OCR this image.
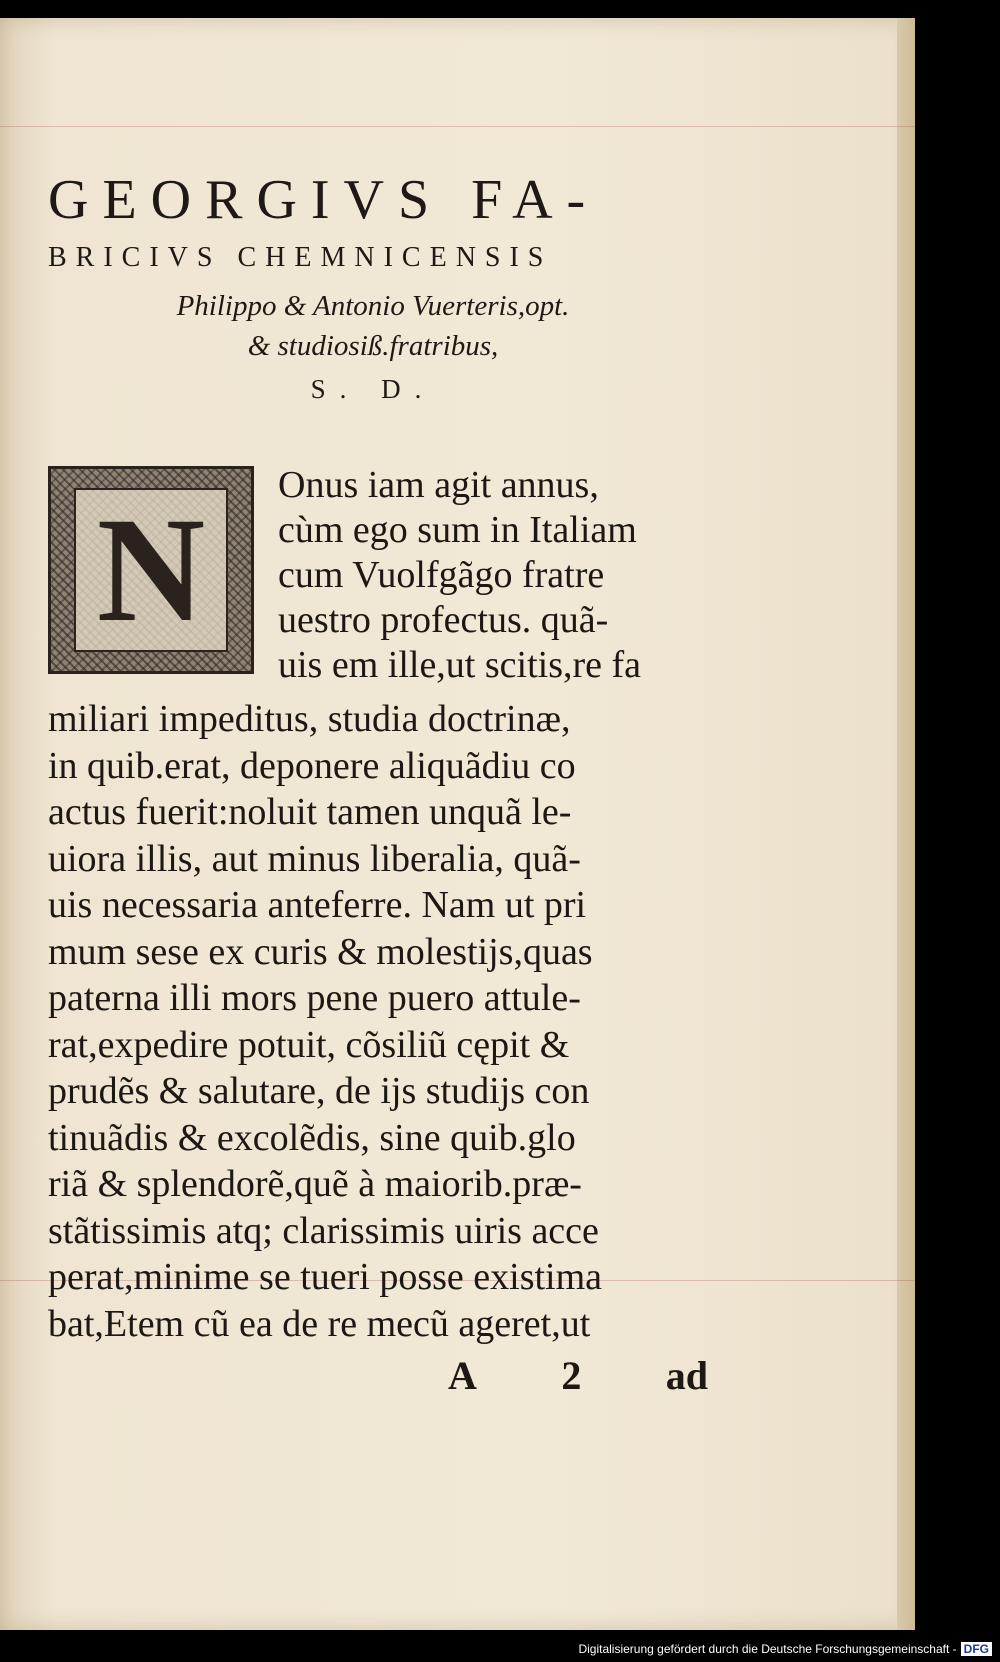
GEORGIVS FA-
BRICIVS CHEMNICENSIS
Philippo & Antonio Vuerteris,opt.
& studiosiß.fratribus,
S. D.
N
Onus iam agit annus,
cùm ego sum in Italiam
cum Vuolfgãgo fratre
uestro profectus. quã-
uis em ille,ut scitis,re fa
miliari impeditus, studia doctrinæ,
in quib.erat, deponere aliquãdiu co
actus fuerit:noluit tamen unquã le-
uiora illis, aut minus liberalia, quã-
uis necessaria anteferre. Nam ut pri
mum sese ex curis & molestijs,quas
paterna illi mors pene puero attule-
rat,expedire potuit, cõsiliũ cępit &
prudẽs & salutare, de ijs studijs con
tinuãdis & excolẽdis, sine quib.glo
riã & splendorẽ,quẽ à maiorib.præ-
stãtissimis atq; clarissimis uiris acce
perat,minime se tueri posse existima
bat,Etem cũ ea de re mecũ ageret,ut
A 2 ad
Digitalisierung gefördert durch die Deutsche Forschungsgemeinschaft - DFG
